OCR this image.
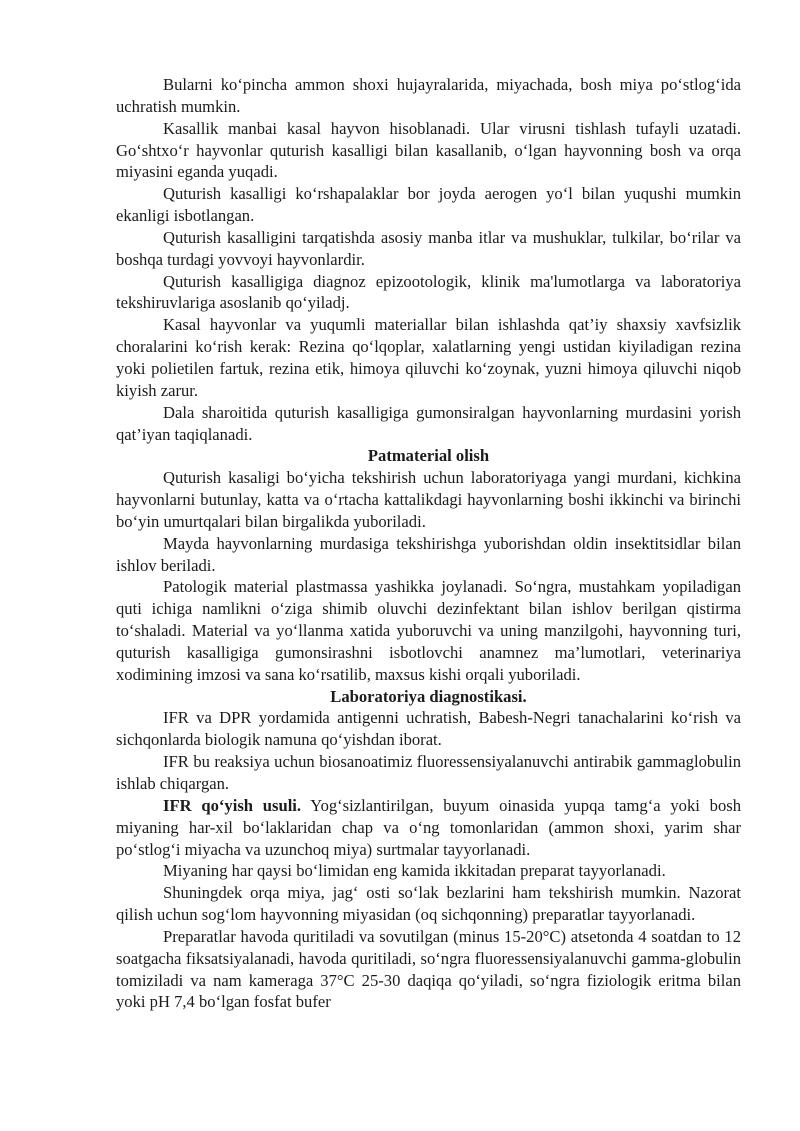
Bularni ko‘pincha ammon shoxi hujayralarida, miyachada, bosh miya po‘stlog‘ida uchratish mumkin.

Kasallik manbai kasal hayvon hisoblanadi. Ular virusni tishlash tufayli uzatadi. Go‘shtxo‘r hayvonlar quturish kasalligi bilan kasallanib, o‘lgan hayvonning bosh va orqa miyasini eganda yuqadi.

Quturish kasalligi ko‘rshapalaklar bor joyda aerogen yo‘l bilan yuqushi mumkin ekanligi isbotlangan.

Quturish kasalligini tarqatishda asosiy manba itlar va mushuklar, tulkilar, bo‘rilar va boshqa turdagi yovvoyi hayvonlardir.

Quturish kasalligiga diagnoz epizootologik, klinik ma'lumotlarga va laboratoriya tekshiruvlariga asoslanib qo‘yiladj.

Kasal hayvonlar va yuqumli materiallar bilan ishlashda qat’iy shaxsiy xavfsizlik choralarini ko‘rish kerak: Rezina qo‘lqoplar, xalatlarning yengi ustidan kiyiladigan rezina yoki polietilen fartuk, rezina etik, himoya qiluvchi ko‘zoynak, yuzni himoya qiluvchi niqob kiyish zarur.

Dala sharoitida quturish kasalligiga gumonsiralgan hayvonlarning murdasini yorish qat’iyan taqiqlanadi.

Patmaterial olish

Quturish kasaligi bo‘yicha tekshirish uchun laboratoriyaga yangi murdani, kichkina hayvonlarni butunlay, katta va o‘rtacha kattalikdagi hayvonlarning boshi ikkinchi va birinchi bo‘yin umurtqalari bilan birgalikda yuboriladi.

Mayda hayvonlarning murdasiga tekshirishga yuborishdan oldin insektitsidlar bilan ishlov beriladi.

Patologik material plastmassa yashikka joylanadi. So‘ngra, mustahkam yopiladigan quti ichiga namlikni o‘ziga shimib oluvchi dezinfektant bilan ishlov berilgan qistirma to‘shaladi. Material va yo‘llanma xatida yuboruvchi va uning manzilgohi, hayvonning turi, quturish kasalligiga gumonsirashni isbotlovchi anamnez ma’lumotlari, veterinariya xodimining imzosi va sana ko‘rsatilib, maxsus kishi orqali yuboriladi.

Laboratoriya diagnostikasi.

IFR va DPR yordamida antigenni uchratish, Babesh-Negri tanachalarini ko‘rish va sichqonlarda biologik namuna qo‘yishdan iborat.

IFR bu reaksiya uchun biosanoatimiz fluoressensiyalanuvchi antirabik gammaglobulin ishlab chiqargan.

IFR qo‘yish usuli. Yog‘sizlantirilgan, buyum oinasida yupqa tamg‘a yoki bosh miyaning har-xil bo‘laklaridan chap va o‘ng tomonlaridan (ammon shoxi, yarim shar po‘stlog‘i miyacha va uzunchoq miya) surtmalar tayyorlanadi.

Miyaning har qaysi bo‘limidan eng kamida ikkitadan preparat tayyorlanadi.

Shuningdek orqa miya, jag‘ osti so‘lak bezlarini ham tekshirish mumkin. Nazorat qilish uchun sog‘lom hayvonning miyasidan (oq sichqonning) preparatlar tayyorlanadi.

Preparatlar havoda quritiladi va sovutilgan (minus 15-20°C) atsetonda 4 soatdan to 12 soatgacha fiksatsiyalanadi, havoda quritiladi, so‘ngra fluoressensiyalanuvchi gamma-globulin tomiziladi va nam kameraga 37°C 25-30 daqiqa qo‘yiladi, so‘ngra fiziologik eritma bilan yoki pH 7,4 bo‘lgan fosfat bufer
